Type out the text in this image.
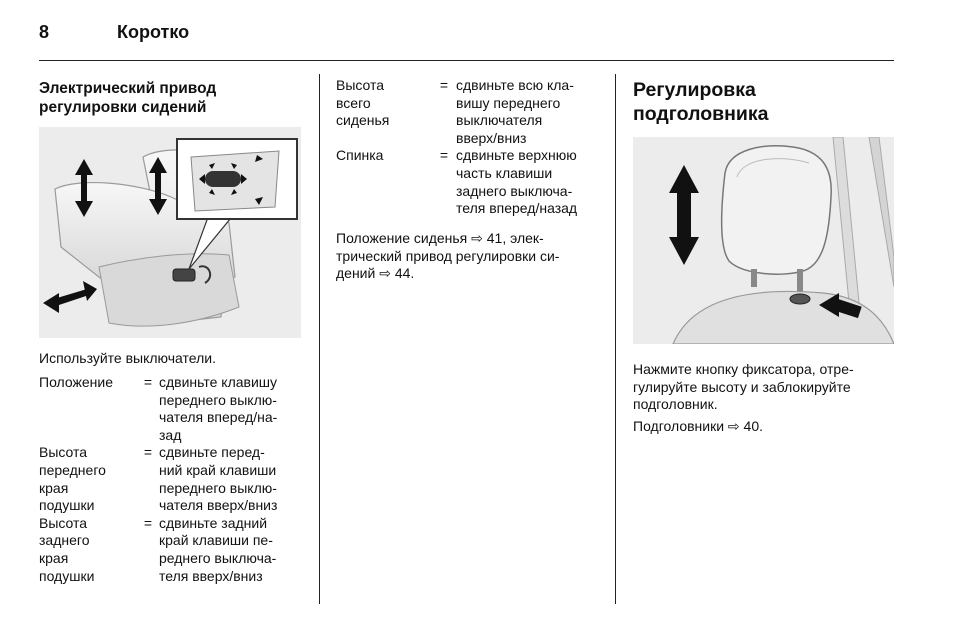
8	Коротко
Электрический привод
регулировки сидений
Используйте выключатели.
Положение	= сдвиньте клавишу
переднего выклю-
чателя вперед/на-
зад
Высота
переднего
края
подушки
= сдвиньте перед-
ний край клавиши
переднего выклю-
чателя вверх/вниз
Высота
заднего
края
подушки
= сдвиньте задний
край клавиши пе-
реднего выключа-
теля вверх/вниз
Высота
всего
сиденья
= сдвиньте всю кла-
вишу переднего
выключателя
вверх/вниз
Спинка	= сдвиньте верхнюю
часть клавиши
заднего выключа-
теля вперед/назад
Положение сиденья ⇨ 41, элек-
трический привод регулировки си-
дений ⇨ 44.
Регулировка
подголовника
Нажмите кнопку фиксатора, отре-
гулируйте высоту и заблокируйте
подголовник.
Подголовники ⇨ 40.
